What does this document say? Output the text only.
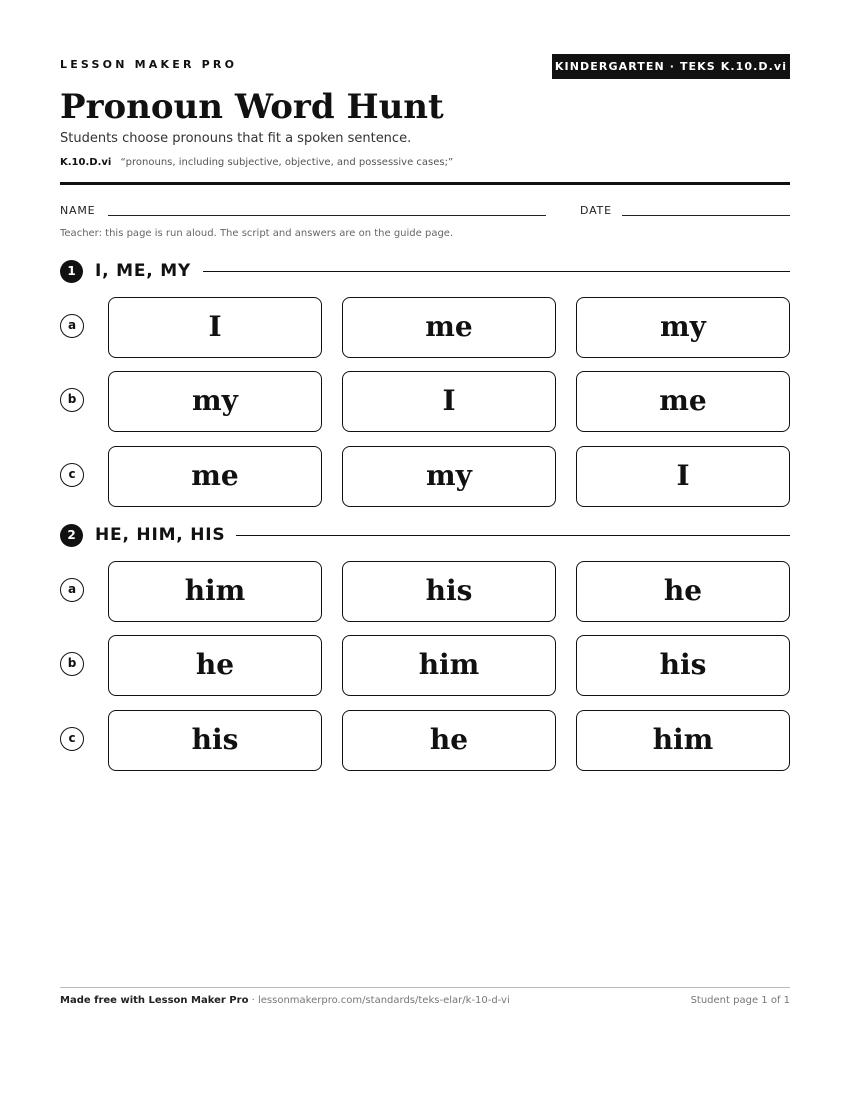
LESSON MAKER PRO	KINDERGARTEN · TEKS K.10.D.vi
Pronoun Word Hunt
Students choose pronouns that fit a spoken sentence.
K.10.D.vi “pronouns, including subjective, objective, and possessive cases;”
NAME	DATE
Teacher: this page is run aloud. The script and answers are on the guide page.
1	I, ME, MY
a	I	me	my
b	my	I	me
c	me	my	I
2	HE, HIM, HIS
a	him	his	he
b	he	him	his
c	his	he	him
Made free with Lesson Maker Pro · lessonmakerpro.com/standards/teks-elar/k-10-d-vi	Student page 1 of 1
